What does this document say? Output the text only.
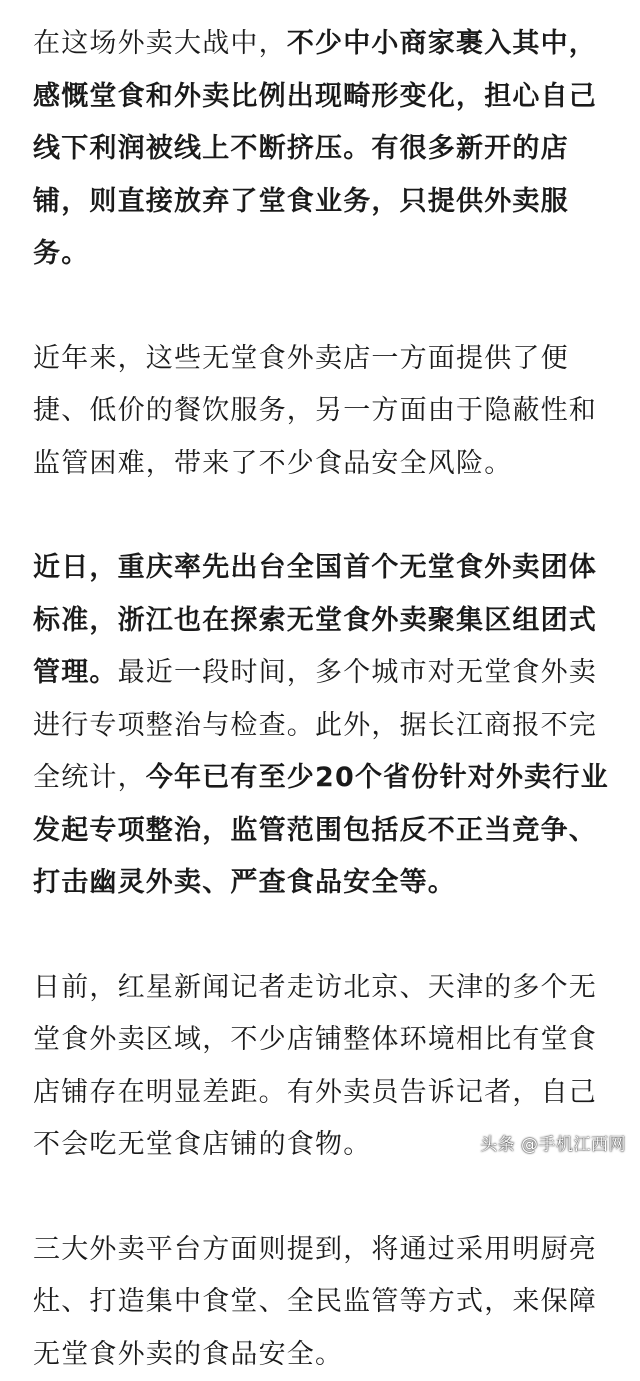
在这场外卖大战中，不少中小商家裹入其中，
感慨堂食和外卖比例出现畸形变化，担心自己
线下利润被线上不断挤压。有很多新开的店
铺，则直接放弃了堂食业务，只提供外卖服
务。

近年来，这些无堂食外卖店一方面提供了便
捷、低价的餐饮服务，另一方面由于隐蔽性和
监管困难，带来了不少食品安全风险。

近日，重庆率先出台全国首个无堂食外卖团体
标准，浙江也在探索无堂食外卖聚集区组团式
管理。最近一段时间，多个城市对无堂食外卖
进行专项整治与检查。此外，据长江商报不完
全统计，今年已有至少20个省份针对外卖行业
发起专项整治，监管范围包括反不正当竞争、
打击幽灵外卖、严查食品安全等。

日前，红星新闻记者走访北京、天津的多个无
堂食外卖区域，不少店铺整体环境相比有堂食
店铺存在明显差距。有外卖员告诉记者，自己
不会吃无堂食店铺的食物。

三大外卖平台方面则提到，将通过采用明厨亮
灶、打造集中食堂、全民监管等方式，来保障
无堂食外卖的食品安全。

头条 @手机江西网
